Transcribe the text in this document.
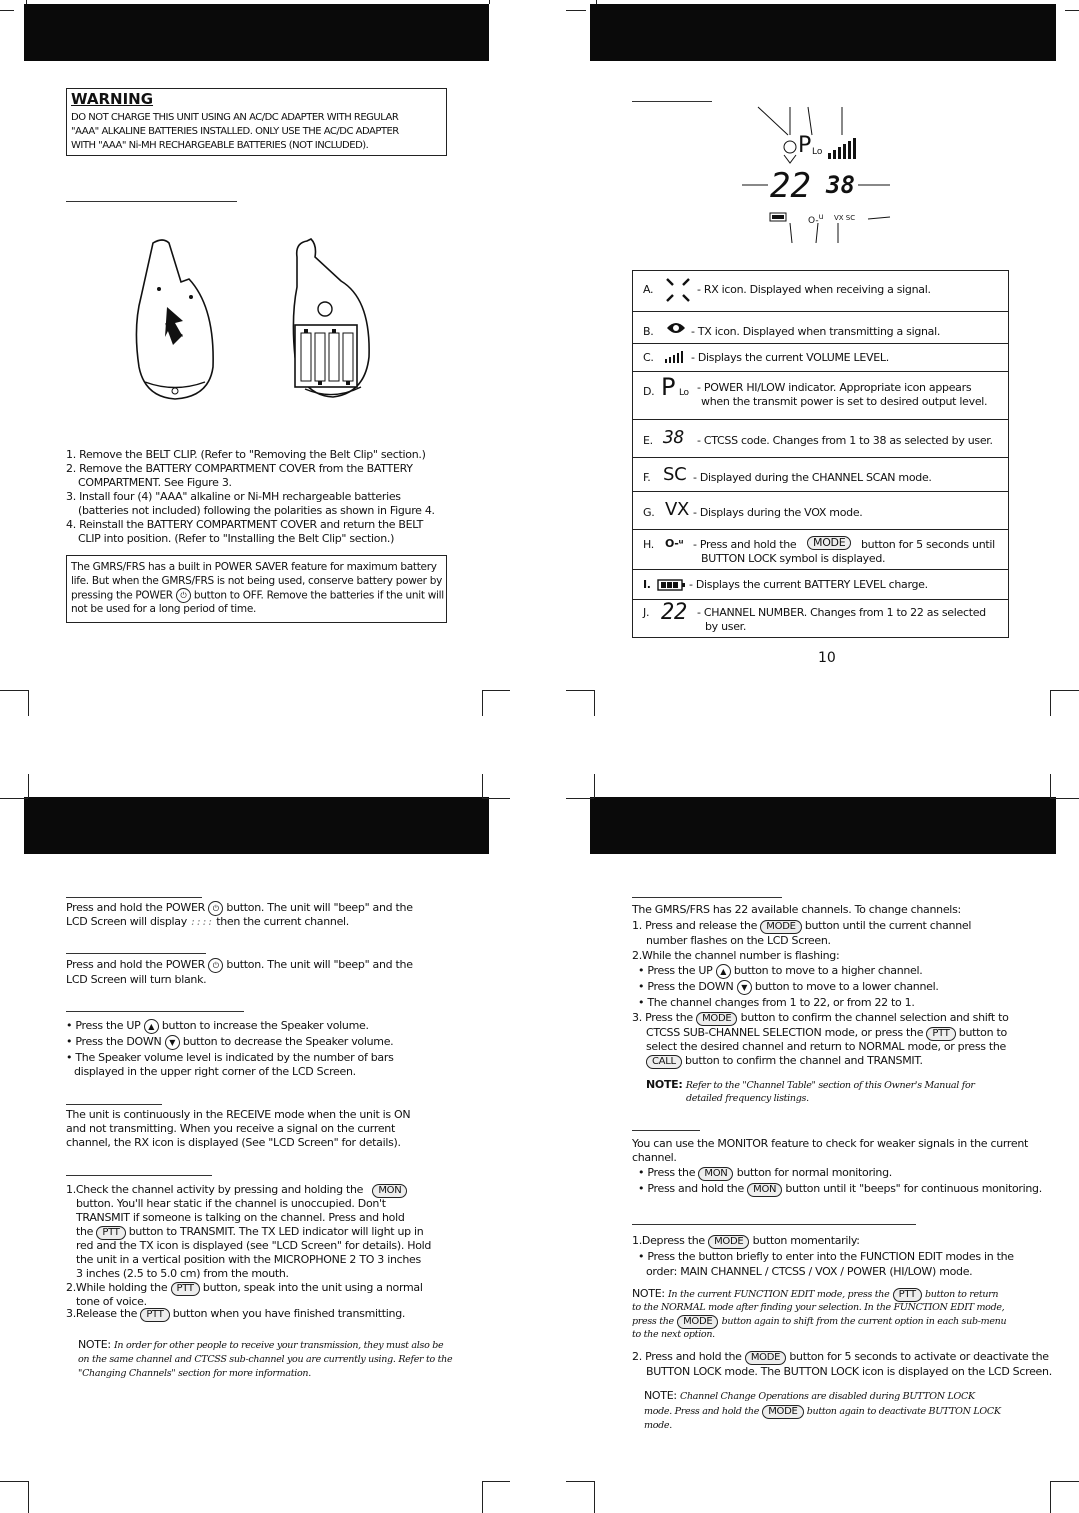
WARNING
DO NOT CHARGE THIS UNIT USING AN AC/DC ADAPTER WITH REGULAR
"AAA" ALKALINE BATTERIES INSTALLED. ONLY USE THE AC/DC ADAPTER
WITH "AAA" Ni-MH RECHARGEABLE BATTERIES (NOT INCLUDED).
1. Remove the BELT CLIP. (Refer to "Removing the Belt Clip" section.)
2. Remove the BATTERY COMPARTMENT COVER from the BATTERY
COMPARTMENT. See Figure 3.
3. Install four (4) "AAA" alkaline or Ni-MH rechargeable batteries
(batteries not included) following the polarities as shown in Figure 4.
4. Reinstall the BATTERY COMPARTMENT COVER and return the BELT
CLIP into position. (Refer to "Installing the Belt Clip" section.)
The GMRS/FRS has a built in POWER SAVER feature for maximum battery
life. But when the GMRS/FRS is not being used, conserve battery power by
pressing the POWER ⏻ button to OFF. Remove the batteries if the unit will
not be used for a long period of time.
P Lo
22 38
O-$^u$ VX SC
A.	- RX icon. Displayed when receiving a signal.
B.	- TX icon. Displayed when transmitting a signal.
C.	- Displays the current VOLUME LEVEL.
D. P Lo - POWER HI/LOW indicator. Appropriate icon appears
when the transmit power is set to desired output level.
E. 38 - CTCSS code. Changes from 1 to 38 as selected by user.
F. SC - Displayed during the CHANNEL SCAN mode.
G. VX - Displays during the VOX mode.
H. O-ᵘ - Press and hold the	MODE	button for 5 seconds until
BUTTON LOCK symbol is displayed.
I.	- Displays the current BATTERY LEVEL charge.
J. 22 - CHANNEL NUMBER. Changes from 1 to 22 as selected
by user.
10
Press and hold the POWER ⏻ button. The unit will "beep" and the
LCD Screen will display :::: then the current channel.
Press and hold the POWER ⏻ button. The unit will "beep" and the
LCD Screen will turn blank.
• Press the UP ▲ button to increase the Speaker volume.
• Press the DOWN ▼ button to decrease the Speaker volume.
• The Speaker volume level is indicated by the number of bars
displayed in the upper right corner of the LCD Screen.
The unit is continuously in the RECEIVE mode when the unit is ON
and not transmitting. When you receive a signal on the current
channel, the RX icon is displayed (See "LCD Screen" for details).
1.Check the channel activity by pressing and holding the MON
button. You'll hear static if the channel is unoccupied. Don't
TRANSMIT if someone is talking on the channel. Press and hold
the PTT button to TRANSMIT. The TX LED indicator will light up in
red and the TX icon is displayed (see "LCD Screen" for details). Hold
the unit in a vertical position with the MICROPHONE 2 TO 3 inches
3 inches (2.5 to 5.0 cm) from the mouth.
2.While holding the PTT button, speak into the unit using a normal
tone of voice.
3.Release the PTT button when you have finished transmitting.
NOTE: In order for other people to receive your transmission, they must also be
on the same channel and CTCSS sub-channel you are currently using. Refer to the
"Changing Channels" section for more information.
The GMRS/FRS has 22 available channels. To change channels:
1. Press and release the MODE button until the current channel
number flashes on the LCD Screen.
2.While the channel number is flashing:
• Press the UP ▲ button to move to a higher channel.
• Press the DOWN ▼ button to move to a lower channel.
• The channel changes from 1 to 22, or from 22 to 1.
3. Press the MODE button to confirm the channel selection and shift to
CTCSS SUB-CHANNEL SELECTION mode, or press the PTT button to
select the desired channel and return to NORMAL mode, or press the
CALL button to confirm the channel and TRANSMIT.
NOTE: Refer to the "Channel Table" section of this Owner's Manual for
detailed frequency listings.
You can use the MONITOR feature to check for weaker signals in the current
channel.
• Press the MON button for normal monitoring.
• Press and hold the MON button until it "beeps" for continuous monitoring.
1.Depress the MODE button momentarily:
• Press the button briefly to enter into the FUNCTION EDIT modes in the
order: MAIN CHANNEL / CTCSS / VOX / POWER (HI/LOW) mode.
NOTE: In the current FUNCTION EDIT mode, press the PTT button to return
to the NORMAL mode after finding your selection. In the FUNCTION EDIT mode,
press the MODE button again to shift from the current option in each sub-menu
to the next option.
2. Press and hold the MODE button for 5 seconds to activate or deactivate the
BUTTON LOCK mode. The BUTTON LOCK icon is displayed on the LCD Screen.
NOTE: Channel Change Operations are disabled during BUTTON LOCK
mode. Press and hold the MODE button again to deactivate BUTTON LOCK
mode.
